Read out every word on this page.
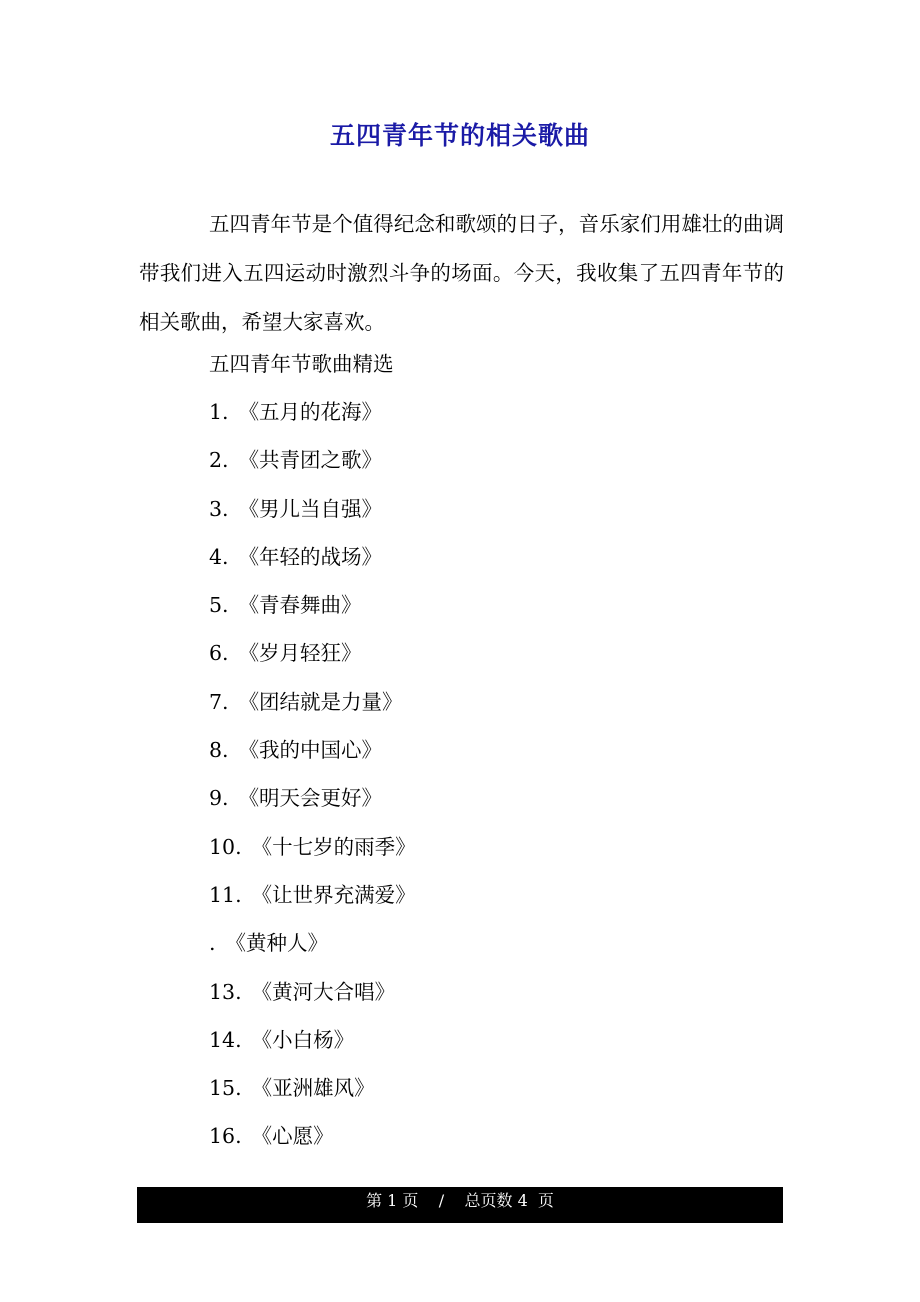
五四青年节的相关歌曲

五四青年节是个值得纪念和歌颂的日子，音乐家们用雄壮的曲调带我们进入五四运动时激烈斗争的场面。今天，我收集了五四青年节的相关歌曲，希望大家喜欢。

五四青年节歌曲精选
1. 《五月的花海》
2. 《共青团之歌》
3. 《男儿当自强》
4. 《年轻的战场》
5. 《青春舞曲》
6. 《岁月轻狂》
7. 《团结就是力量》
8. 《我的中国心》
9. 《明天会更好》
10. 《十七岁的雨季》
11. 《让世界充满爱》
. 《黄种人》
13. 《黄河大合唱》
14. 《小白杨》
15. 《亚洲雄风》
16. 《心愿》
第 1 页    /    总页数 4  页
